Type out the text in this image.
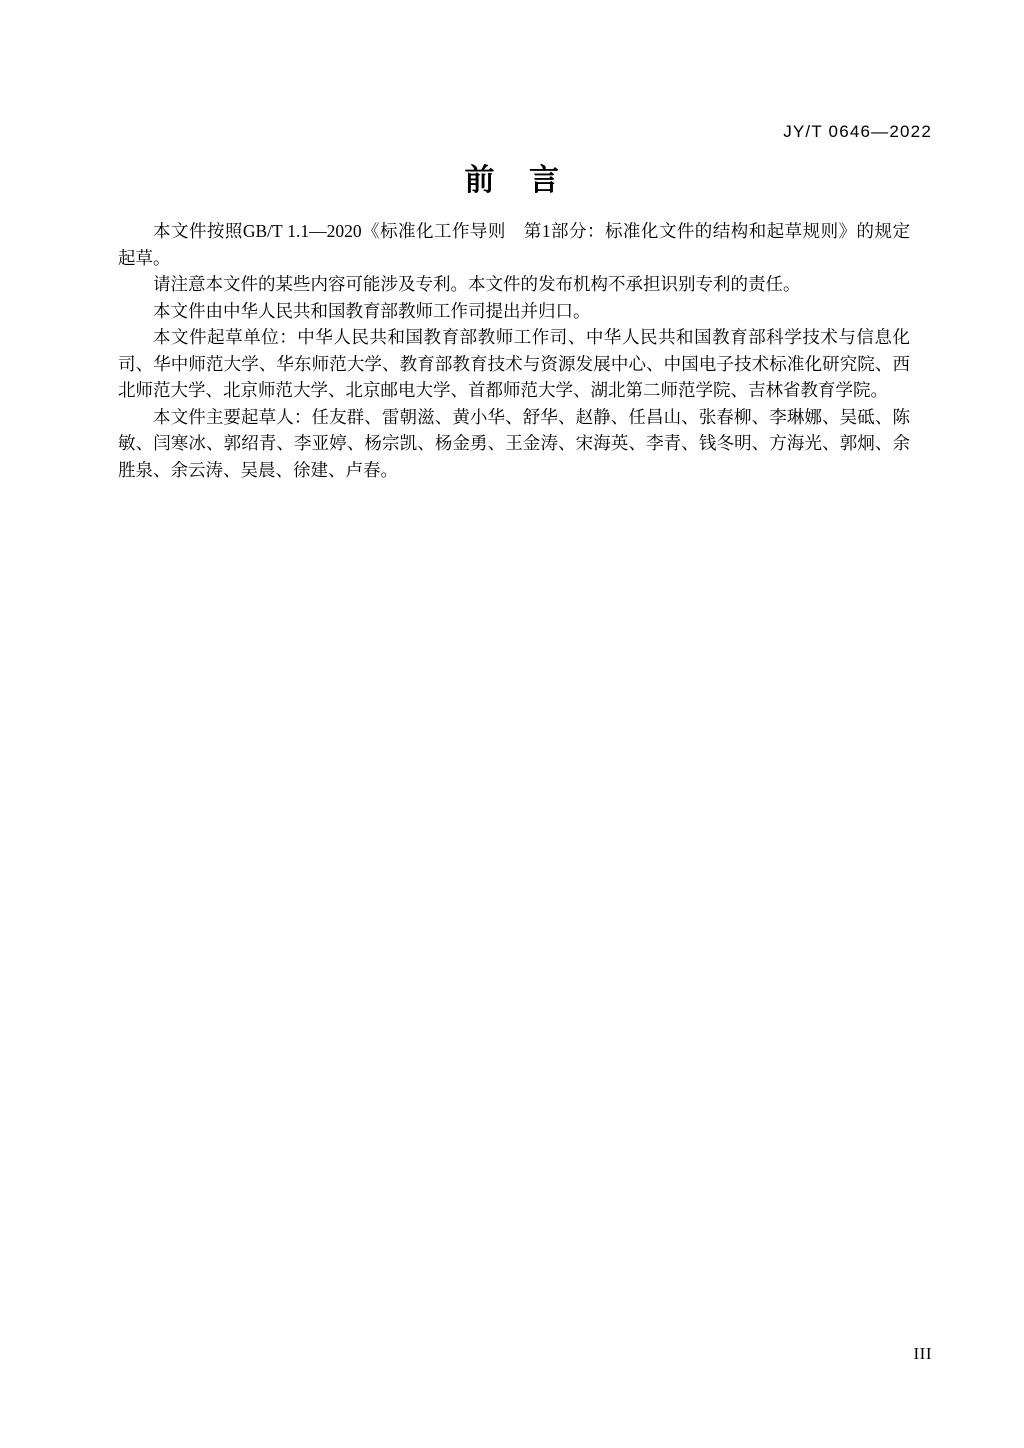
JY/T 0646—2022
前 言

本文件按照GB/T 1.1—2020《标准化工作导则　第1部分：标准化文件的结构和起草规则》的规定起草。

请注意本文件的某些内容可能涉及专利。本文件的发布机构不承担识别专利的责任。

本文件由中华人民共和国教育部教师工作司提出并归口。

本文件起草单位：中华人民共和国教育部教师工作司、中华人民共和国教育部科学技术与信息化司、华中师范大学、华东师范大学、教育部教育技术与资源发展中心、中国电子技术标准化研究院、西北师范大学、北京师范大学、北京邮电大学、首都师范大学、湖北第二师范学院、吉林省教育学院。

本文件主要起草人：任友群、雷朝滋、黄小华、舒华、赵静、任昌山、张春柳、李琳娜、吴砥、陈敏、闫寒冰、郭绍青、李亚婷、杨宗凯、杨金勇、王金涛、宋海英、李青、钱冬明、方海光、郭炯、余胜泉、余云涛、吴晨、徐建、卢春。

III
